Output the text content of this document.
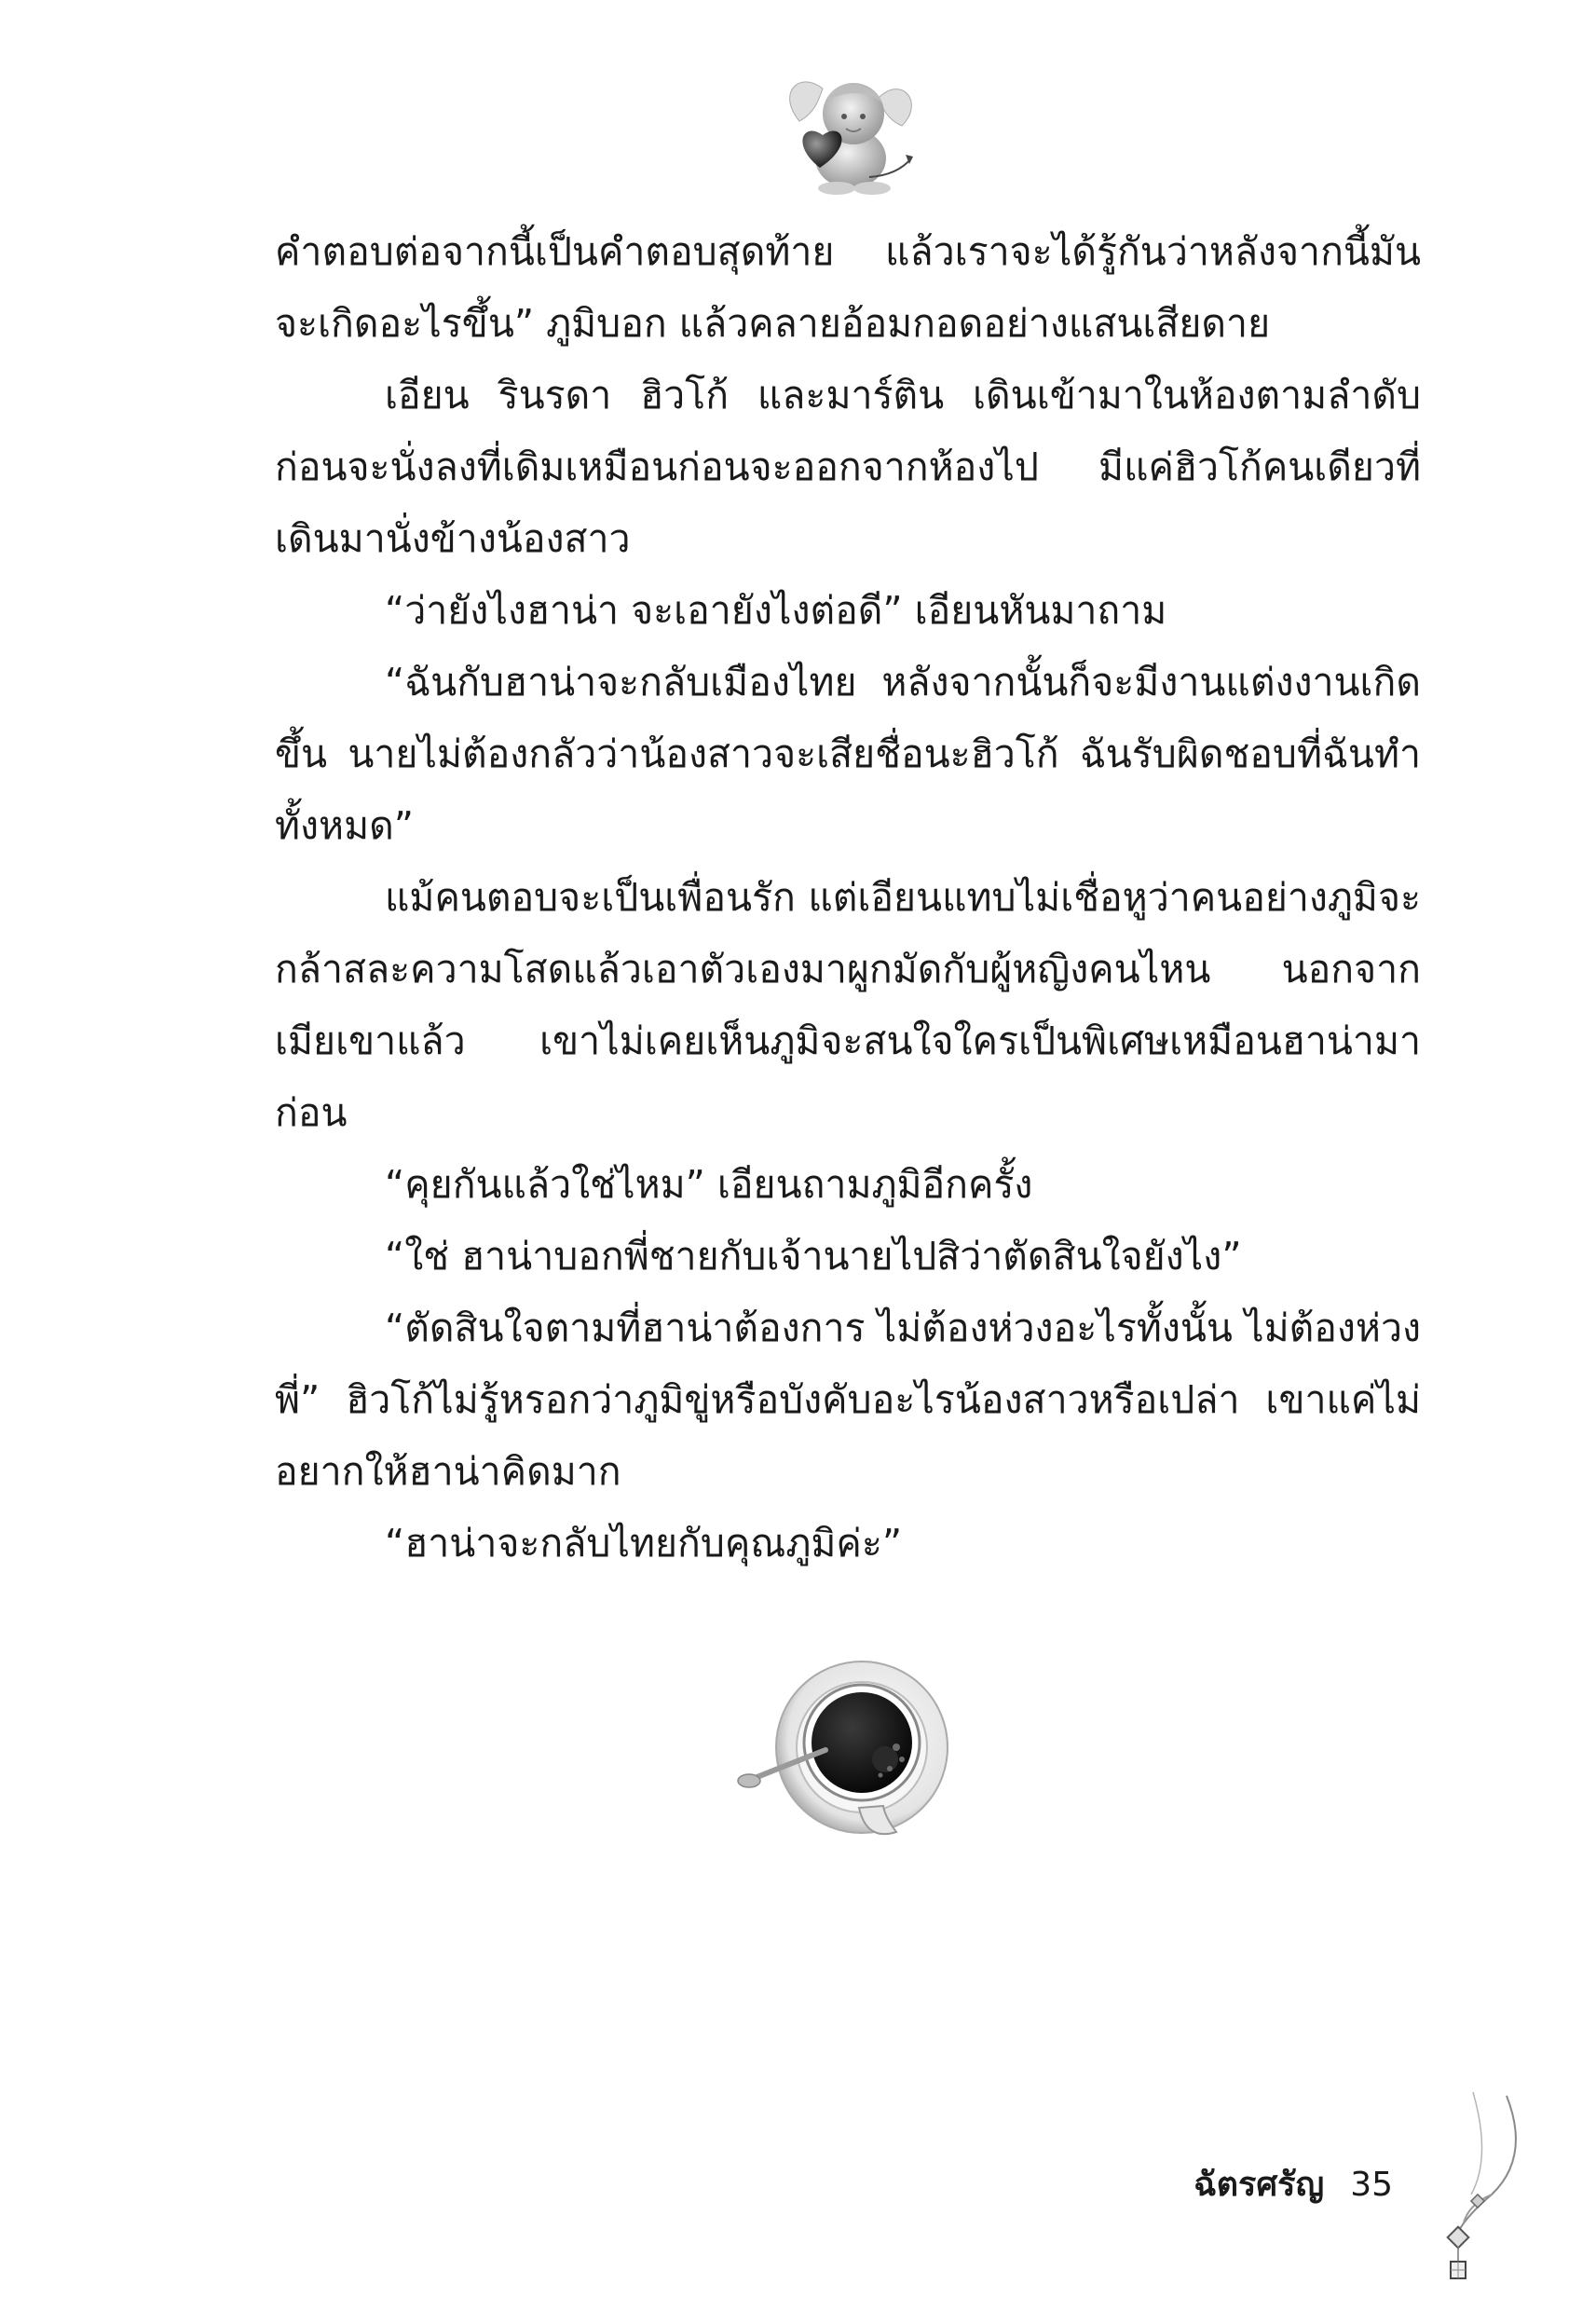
คำตอบต่อจากนี้เป็นคำตอบสุดท้าย แล้วเราจะได้รู้กันว่าหลังจากนี้มันจะเกิดอะไรขึ้น” ภูมิบอก แล้วคลายอ้อมกอดอย่างแสนเสียดาย

เอียน รินรดา ฮิวโก้ และมาร์ติน เดินเข้ามาในห้องตามลำดับก่อนจะนั่งลงที่เดิมเหมือนก่อนจะออกจากห้องไป มีแค่ฮิวโก้คนเดียวที่เดินมานั่งข้างน้องสาว

“ว่ายังไงฮาน่า จะเอายังไงต่อดี” เอียนหันมาถาม

“ฉันกับฮาน่าจะกลับเมืองไทย หลังจากนั้นก็จะมีงานแต่งงานเกิดขึ้น นายไม่ต้องกลัวว่าน้องสาวจะเสียชื่อนะฮิวโก้ ฉันรับผิดชอบที่ฉันทำทั้งหมด”

แม้คนตอบจะเป็นเพื่อนรัก แต่เอียนแทบไม่เชื่อหูว่าคนอย่างภูมิจะกล้าสละความโสดแล้วเอาตัวเองมาผูกมัดกับผู้หญิงคนไหน นอกจากเมียเขาแล้ว เขาไม่เคยเห็นภูมิจะสนใจใครเป็นพิเศษเหมือนฮาน่ามาก่อน

“คุยกันแล้วใช่ไหม” เอียนถามภูมิอีกครั้ง

“ใช่ ฮาน่าบอกพี่ชายกับเจ้านายไปสิว่าตัดสินใจยังไง”

“ตัดสินใจตามที่ฮาน่าต้องการ ไม่ต้องห่วงอะไรทั้งนั้น ไม่ต้องห่วงพี่” ฮิวโก้ไม่รู้หรอกว่าภูมิขู่หรือบังคับอะไรน้องสาวหรือเปล่า เขาแค่ไม่อยากให้ฮาน่าคิดมาก

“ฮาน่าจะกลับไทยกับคุณภูมิค่ะ”

ฉัตรศรัญ 35
